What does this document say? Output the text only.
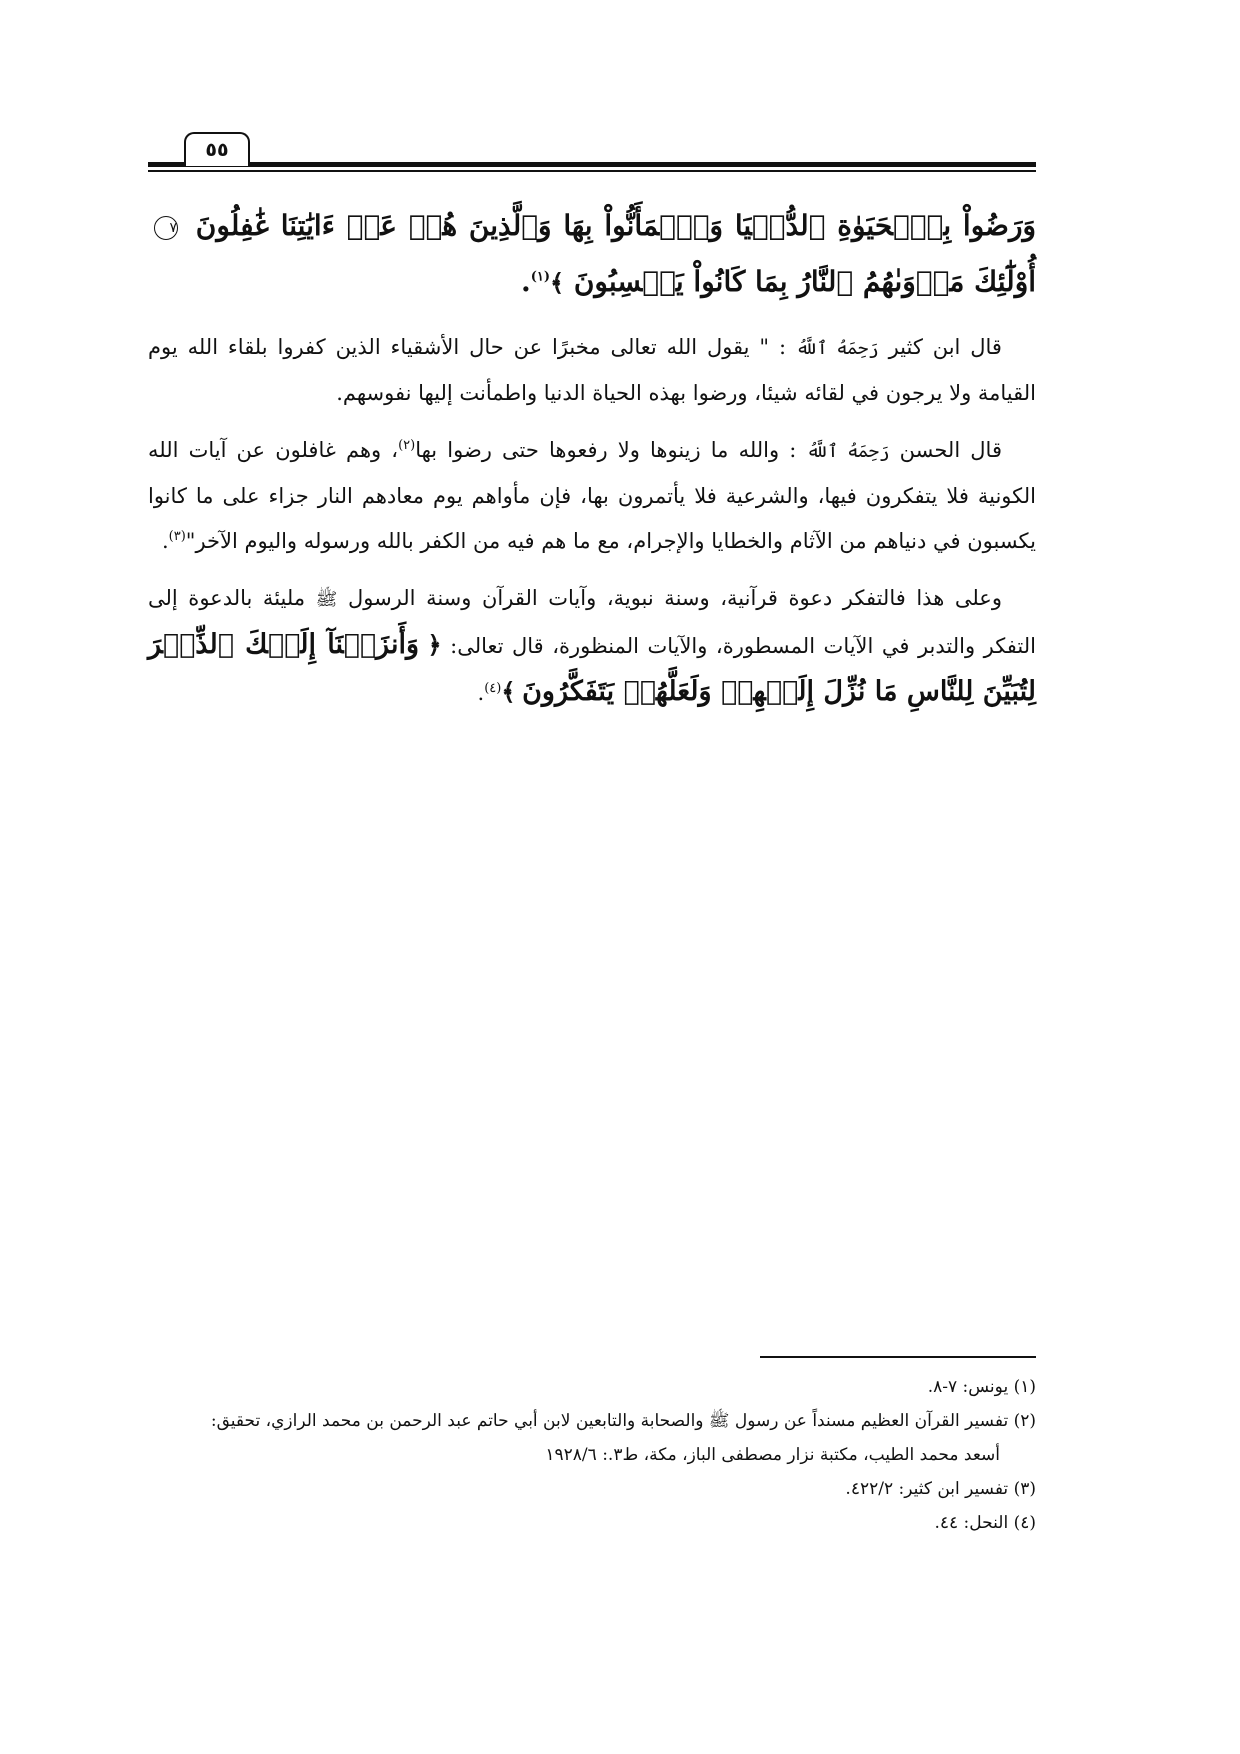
٥٥

وَرَضُواْ بِٱلۡحَيَوٰةِ ٱلدُّنۡيَا وَٱطۡمَأَنُّواْ بِهَا وَٱلَّذِينَ هُمۡ عَنۡ ءَايَٰتِنَا غَٰفِلُونَ ٧ أُوْلَٰٓئِكَ مَأۡوَىٰهُمُ ٱلنَّارُ بِمَا كَانُواْ يَكۡسِبُونَ ﴾$^{(١)}$.

قال ابن كثير رَحِمَهُ ٱللَّهُ : " يقول الله تعالى مخبرًا عن حال الأشقياء الذين كفروا بلقاء الله يوم القيامة ولا يرجون في لقائه شيئا، ورضوا بهذه الحياة الدنيا واطمأنت إليها نفوسهم.

قال الحسن رَحِمَهُ ٱللَّهُ : والله ما زينوها ولا رفعوها حتى رضوا بها$^{(٢)}$، وهم غافلون عن آيات الله الكونية فلا يتفكرون فيها، والشرعية فلا يأتمرون بها، فإن مأواهم يوم معادهم النار جزاء على ما كانوا يكسبون في دنياهم من الآثام والخطايا والإجرام، مع ما هم فيه من الكفر بالله ورسوله واليوم الآخر"$^{(٣)}$.

وعلى هذا فالتفكر دعوة قرآنية، وسنة نبوية، وآيات القرآن وسنة الرسول ﷺ مليئة بالدعوة إلى التفكر والتدبر في الآيات المسطورة، والآيات المنظورة، قال تعالى: ﴿ وَأَنزَلۡنَآ إِلَيۡكَ ٱلذِّكۡرَ لِتُبَيِّنَ لِلنَّاسِ مَا نُزِّلَ إِلَيۡهِمۡ وَلَعَلَّهُمۡ يَتَفَكَّرُونَ ﴾$^{(٤)}$.

(١) يونس: ٧-٨.

(٢) تفسير القرآن العظيم مسنداً عن رسول ﷺ والصحابة والتابعين لابن أبي حاتم عبد الرحمن بن محمد الرازي، تحقيق:

أسعد محمد الطيب، مكتبة نزار مصطفى الباز، مكة، ط٣.: ١٩٢٨/٦

(٣) تفسير ابن كثير: ٤٢٢/٢.

(٤) النحل: ٤٤.
